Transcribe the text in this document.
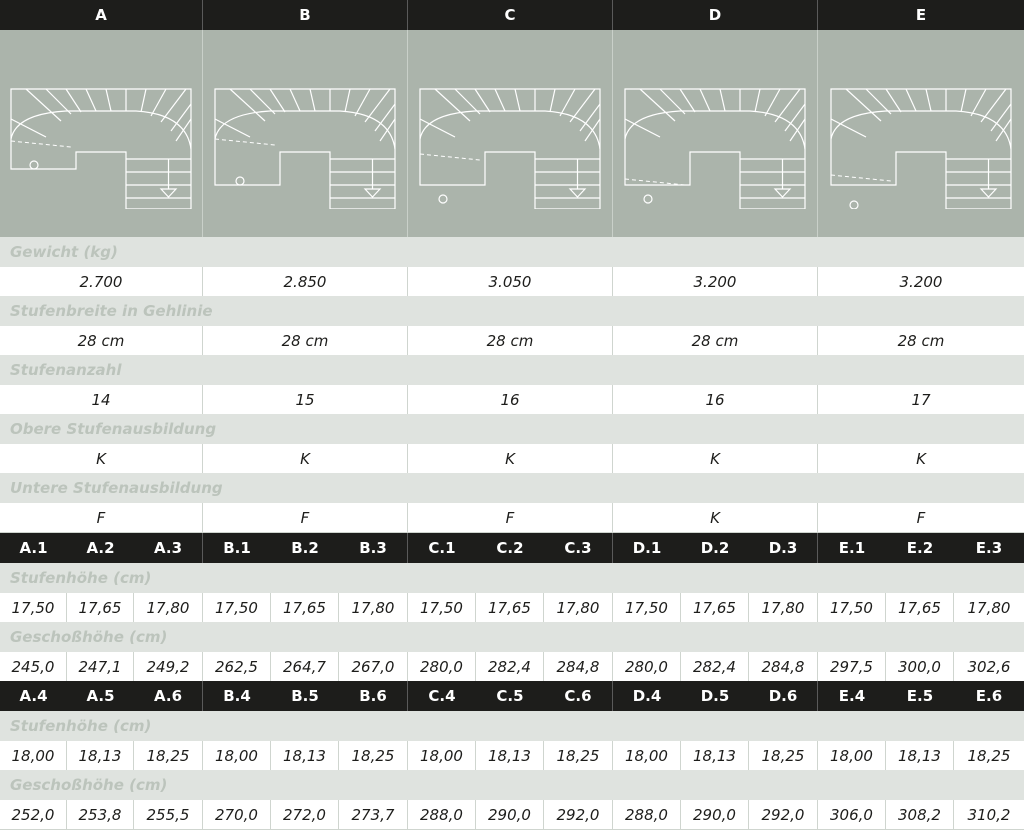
A	B	C	D	E
Gewicht (kg)
2.700	2.850	3.050	3.200	3.200
Stufenbreite in Gehlinie
28 cm	28 cm	28 cm	28 cm	28 cm
Stufenanzahl
14	15	16	16	17
Obere Stufenausbildung
K	K	K	K	K
Untere Stufenausbildung
F	F	F	K	F
A.1	A.2	A.3	B.1	B.2	B.3	C.1	C.2	C.3	D.1	D.2	D.3	E.1	E.2	E.3
Stufenhöhe (cm)
17,50	17,65	17,80	17,50	17,65	17,80	17,50	17,65	17,80	17,50	17,65	17,80	17,50	17,65	17,80
Geschoßhöhe (cm)
245,0	247,1	249,2	262,5	264,7	267,0	280,0	282,4	284,8	280,0	282,4	284,8	297,5	300,0	302,6
A.4	A.5	A.6	B.4	B.5	B.6	C.4	C.5	C.6	D.4	D.5	D.6	E.4	E.5	E.6
Stufenhöhe (cm)
18,00	18,13	18,25	18,00	18,13	18,25	18,00	18,13	18,25	18,00	18,13	18,25	18,00	18,13	18,25
Geschoßhöhe (cm)
252,0	253,8	255,5	270,0	272,0	273,7	288,0	290,0	292,0	288,0	290,0	292,0	306,0	308,2	310,2
